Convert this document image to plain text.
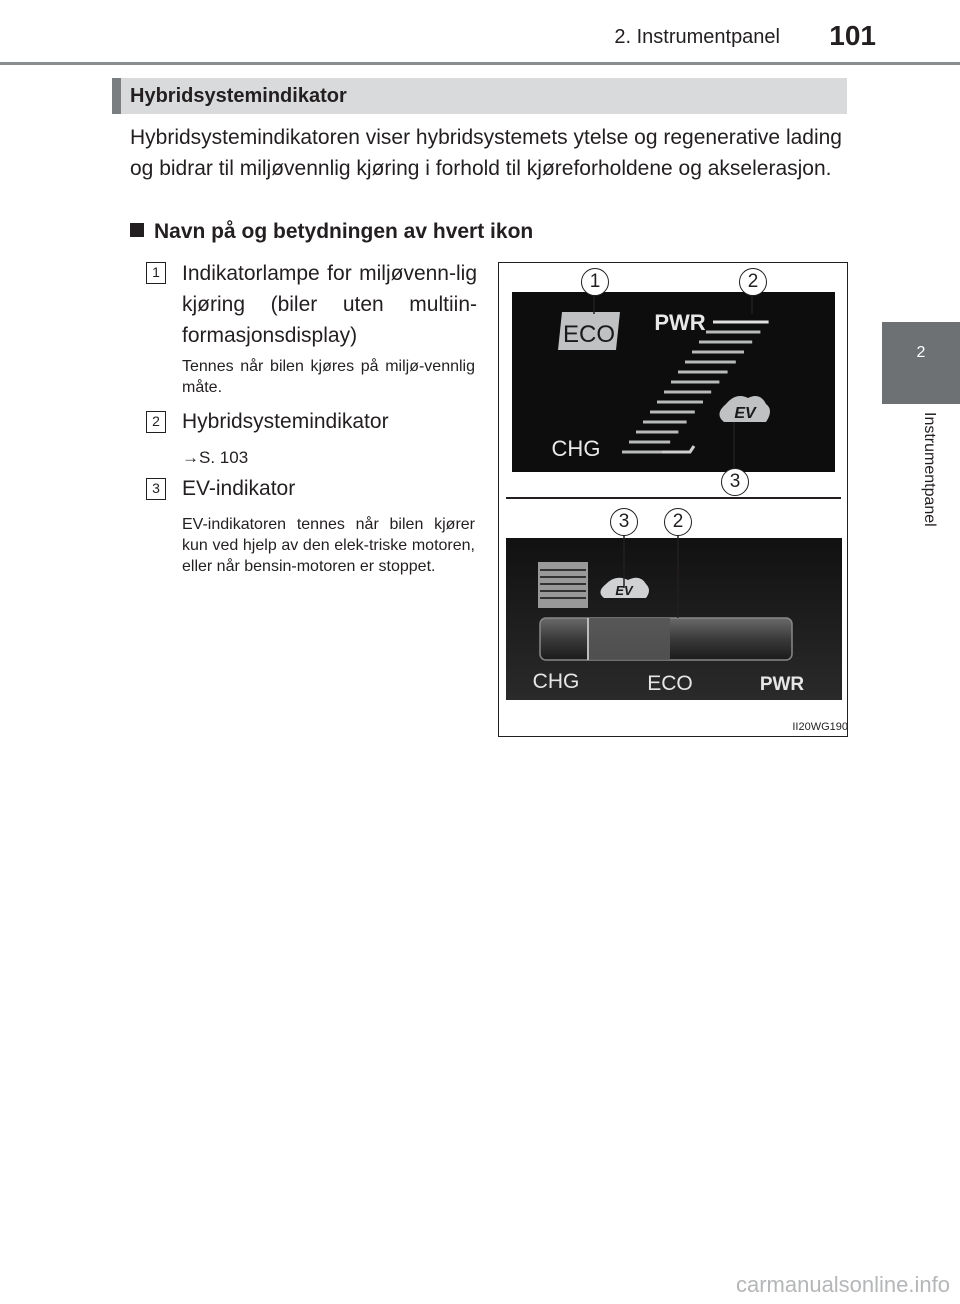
2. Instrumentpanel 101
2
Instrumentpanel
Hybridsystemindikator
Hybridsystemindikatoren viser hybridsystemets ytelse og regenerative lading og bidrar til miljøvennlig kjøring i forhold til kjøreforholdene og akselerasjon.
Navn på og betydningen av hvert ikon
1 Indikatorlampe for miljøvenn-lig kjøring (biler uten multiin-formasjonsdisplay)
Tennes når bilen kjøres på miljø-vennlig måte.
2 Hybridsystemindikator
→S. 103
3 EV-indikator
EV-indikatoren tennes når bilen kjører kun ved hjelp av den elek-triske motoren, eller når bensin-motoren er stoppet.
ECO PWR
CHG
EV
1	2
3
EV
CHG	ECO	PWR
3	2
II20WG190
carmanualsonline.info
